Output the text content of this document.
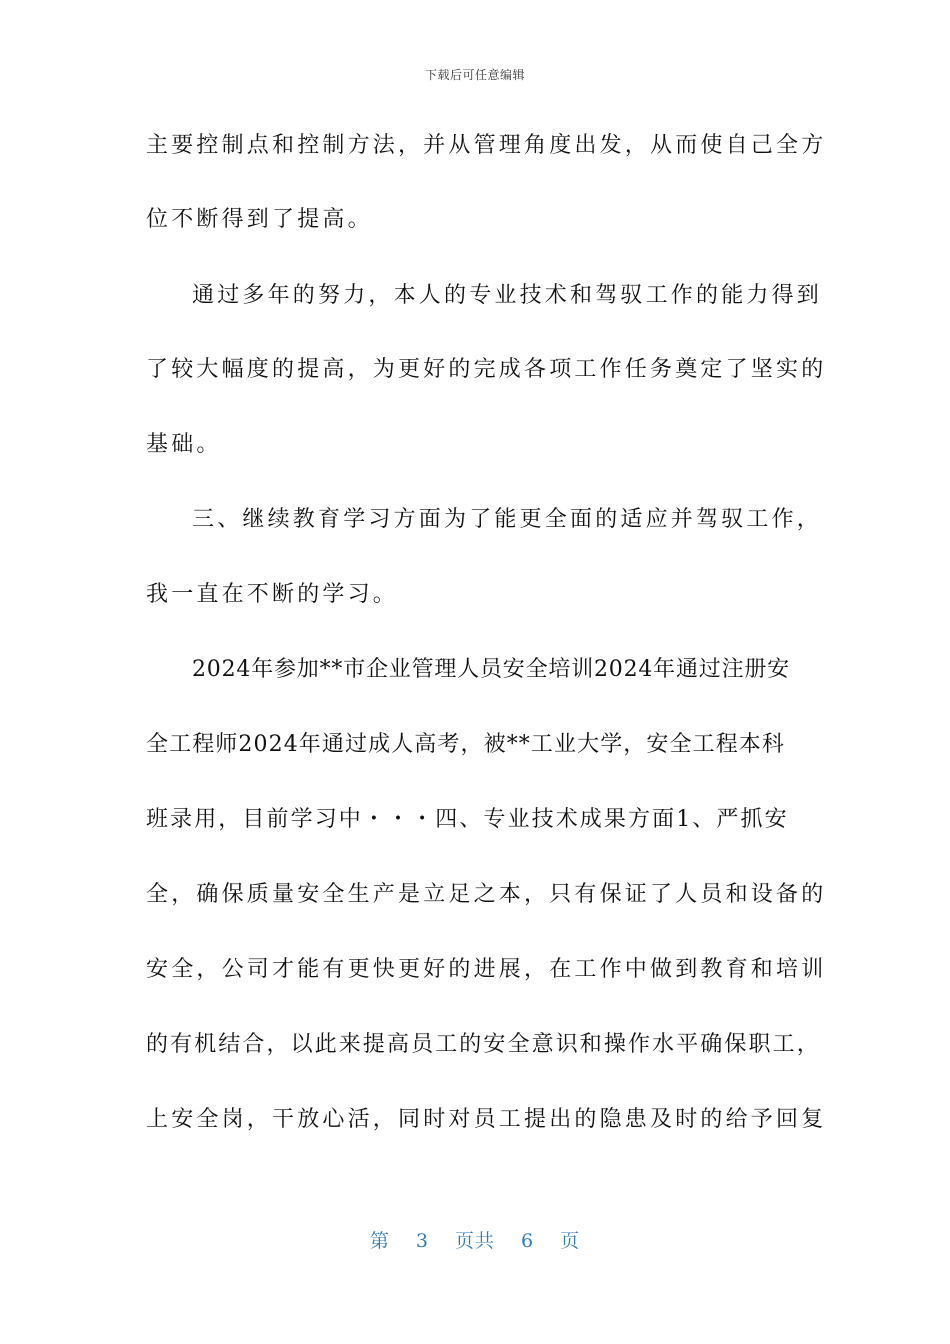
下载后可任意编辑
主要控制点和控制方法，并从管理角度出发，从而使自己全方
位不断得到了提高。
通过多年的努力，本人的专业技术和驾驭工作的能力得到
了较大幅度的提高，为更好的完成各项工作任务奠定了坚实的
基础。
三、继续教育学习方面为了能更全面的适应并驾驭工作，
我一直在不断的学习。
2024年参加**市企业管理人员安全培训2024年通过注册安
全工程师2024年通过成人高考，被**工业大学，安全工程本科
班录用，目前学习中・・・四、专业技术成果方面1、严抓安
全，确保质量安全生产是立足之本，只有保证了人员和设备的
安全，公司才能有更快更好的进展，在工作中做到教育和培训
的有机结合，以此来提高员工的安全意识和操作水平确保职工，
上安全岗，干放心活，同时对员工提出的隐患及时的给予回复
第 3 页共 6 页
